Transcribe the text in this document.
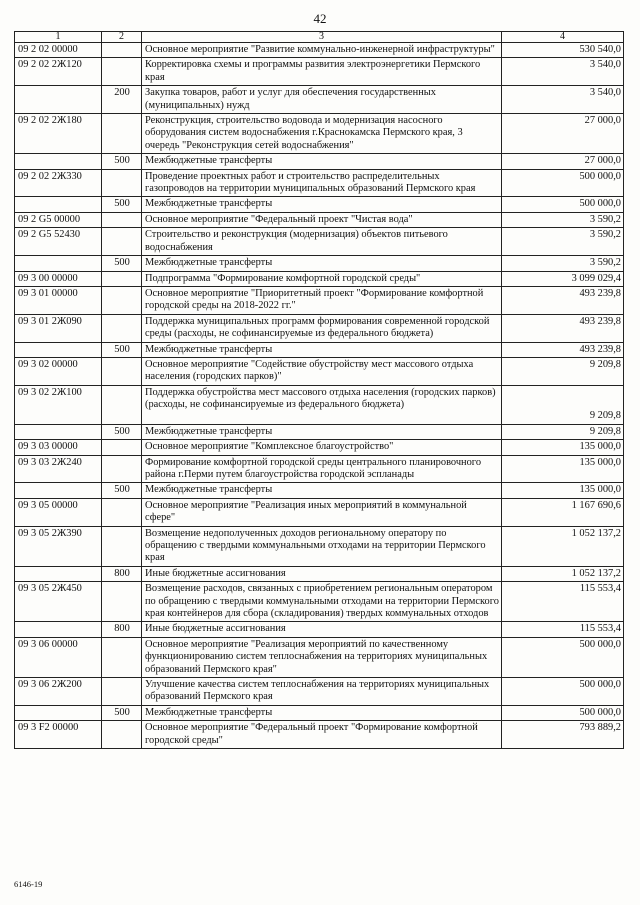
42
1	2	3	4
09 2 02 00000		Основное мероприятие "Развитие коммунально-инженерной инфраструктуры"	530 540,0
09 2 02 2Ж120		Корректировка схемы и программы развития электроэнергетики Пермского края	3 540,0
	200	Закупка товаров, работ и услуг для обеспечения государственных (муниципальных) нужд	3 540,0
09 2 02 2Ж180		Реконструкция, строительство водовода и модернизация насосного оборудования систем водоснабжения г.Краснокамска Пермского края, 3 очередь "Реконструкция сетей водоснабжения"	27 000,0
	500	Межбюджетные трансферты	27 000,0
09 2 02 2Ж330		Проведение проектных работ и строительство распределительных газопроводов на территории муниципальных образований Пермского края	500 000,0
	500	Межбюджетные трансферты	500 000,0
09 2 G5 00000		Основное мероприятие "Федеральный проект "Чистая вода"	3 590,2
09 2 G5 52430		Строительство и реконструкция (модернизация) объектов питьевого водоснабжения	3 590,2
	500	Межбюджетные трансферты	3 590,2
09 3 00 00000		Подпрограмма "Формирование комфортной городской среды"	3 099 029,4
09 3 01 00000		Основное мероприятие "Приоритетный проект "Формирование комфортной городской среды на 2018-2022 гг."	493 239,8
09 3 01 2Ж090		Поддержка муниципальных программ формирования современной городской среды (расходы, не софинансируемые из федерального бюджета)	493 239,8
	500	Межбюджетные трансферты	493 239,8
09 3 02 00000		Основное мероприятие "Содействие обустройству мест массового отдыха населения (городских парков)"	9 209,8
09 3 02 2Ж100		Поддержка обустройства мест массового отдыха населения (городских парков) (расходы, не софинансируемые из федерального бюджета)	9 209,8
	500	Межбюджетные трансферты	9 209,8
09 3 03 00000		Основное мероприятие "Комплексное благоустройство"	135 000,0
09 3 03 2Ж240		Формирование комфортной городской среды центрального планировочного района г.Перми путем благоустройства городской эспланады	135 000,0
	500	Межбюджетные трансферты	135 000,0
09 3 05 00000		Основное мероприятие "Реализация иных мероприятий в коммунальной сфере"	1 167 690,6
09 3 05 2Ж390		Возмещение недополученных доходов региональному оператору по обращению с твердыми коммунальными отходами на территории Пермского края	1 052 137,2
	800	Иные бюджетные ассигнования	1 052 137,2
09 3 05 2Ж450		Возмещение расходов, связанных с приобретением региональным оператором по обращению с твердыми коммунальными отходами на территории Пермского края контейнеров для сбора (складирования) твердых коммунальных отходов	115 553,4
	800	Иные бюджетные ассигнования	115 553,4
09 3 06 00000		Основное мероприятие "Реализация мероприятий по качественному функционированию систем теплоснабжения на территориях муниципальных образований Пермского края"	500 000,0
09 3 06 2Ж200		Улучшение качества систем теплоснабжения на территориях муниципальных образований Пермского края	500 000,0
	500	Межбюджетные трансферты	500 000,0
09 3 F2 00000		Основное мероприятие "Федеральный проект "Формирование комфортной городской среды"	793 889,2
6146-19
